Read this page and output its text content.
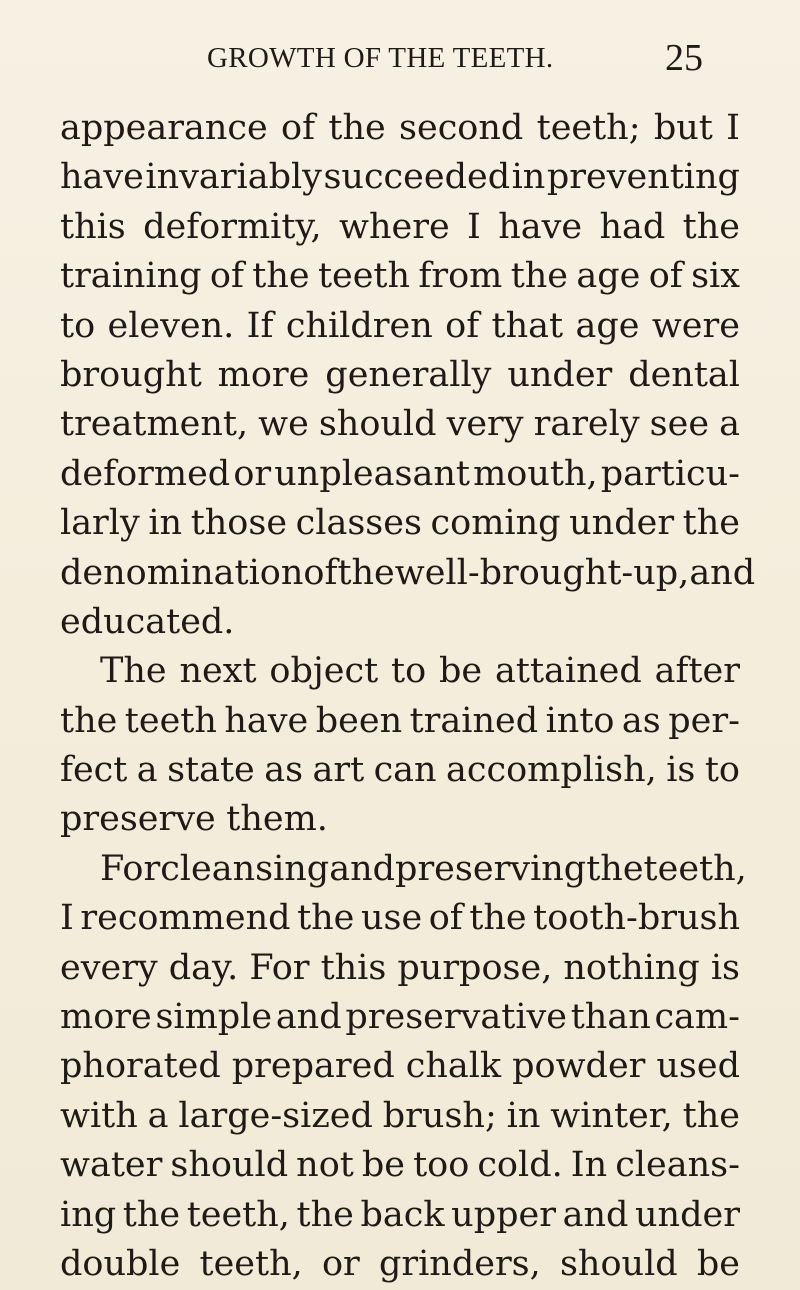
GROWTH OF THE TEETH.	25
appearance of the second teeth; but I
have invariably succeeded in preventing
this deformity, where I have had the
training of the teeth from the age of six
to eleven. If children of that age were
brought more generally under dental
treatment, we should very rarely see a
deformed or unpleasant mouth, particu-
larly in those classes coming under the
denomination of the well-brought-up, and
educated.
The next object to be attained after
the teeth have been trained into as per-
fect a state as art can accomplish, is to
preserve them.
For cleansing and preserving the teeth,
I recommend the use of the tooth-brush
every day. For this purpose, nothing is
more simple and preservative than cam-
phorated prepared chalk powder used
with a large-sized brush; in winter, the
water should not be too cold. In cleans-
ing the teeth, the back upper and under
double teeth, or grinders, should be
